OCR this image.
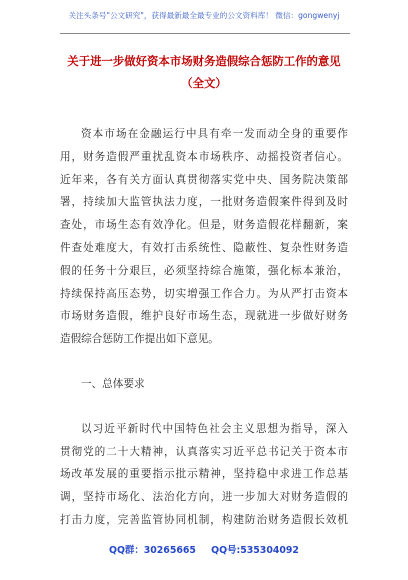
关注头条号"公文研究"，获得最新最全最专业的公文资料库！ 微信：gongwenyj
关于进一步做好资本市场财务造假综合惩防工作的意见
（全文）
资本市场在金融运行中具有牵一发而动全身的重要作
用，财务造假严重扰乱资本市场秩序、动摇投资者信心。
近年来，各有关方面认真贯彻落实党中央、国务院决策部
署，持续加大监管执法力度，一批财务造假案件得到及时
查处，市场生态有效净化。但是，财务造假花样翻新，案
件查处难度大，有效打击系统性、隐蔽性、复杂性财务造
假的任务十分艰巨，必须坚持综合施策，强化标本兼治，
持续保持高压态势，切实增强工作合力。为从严打击资本
市场财务造假，维护良好市场生态，现就进一步做好财务
造假综合惩防工作提出如下意见。
一、总体要求
以习近平新时代中国特色社会主义思想为指导，深入
贯彻党的二十大精神，认真落实习近平总书记关于资本市
场改革发展的重要指示批示精神，坚持稳中求进工作总基
调，坚持市场化、法治化方向，进一步加大对财务造假的
打击力度，完善监管协同机制，构建防治财务造假长效机
QQ群：30265665 QQ号:535304092
